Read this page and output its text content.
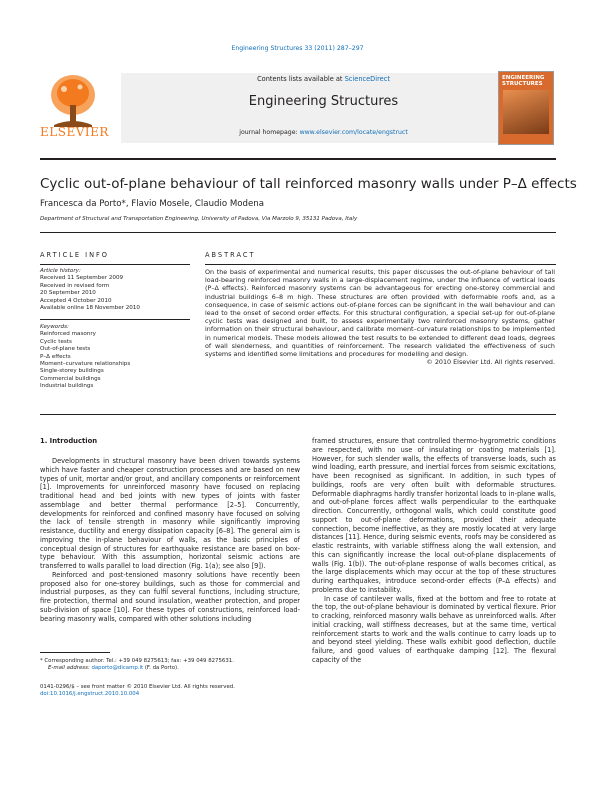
Engineering Structures 33 (2011) 287–297
ELSEVIER
Contents lists available at ScienceDirect
Engineering Structures
journal homepage: www.elsevier.com/locate/engstruct
ENGINEERING
STRUCTURES
Cyclic out-of-plane behaviour of tall reinforced masonry walls under P–Δ effects
Francesca da Porto*, Flavio Mosele, Claudio Modena
Department of Structural and Transportation Engineering, University of Padova, Via Marzolo 9, 35131 Padova, Italy
ARTICLE INFO
Article history:
Received 11 September 2009
Received in revised form
20 September 2010
Accepted 4 October 2010
Available online 18 November 2010
Keywords:
Reinforced masonry
Cyclic tests
Out-of-plane tests
P–Δ effects
Moment–curvature relationships
Single-storey buildings
Commercial buildings
Industrial buildings
ABSTRACT
On the basis of experimental and numerical results, this paper discusses the out-of-plane behaviour of tall load-bearing reinforced masonry walls in a large-displacement regime, under the influence of vertical loads (P–Δ effects). Reinforced masonry systems can be advantageous for erecting one-storey commercial and industrial buildings 6–8 m high. These structures are often provided with deformable roofs and, as a consequence, in case of seismic actions out-of-plane forces can be significant in the wall behaviour and can lead to the onset of second order effects. For this structural configuration, a special set-up for out-of-plane cyclic tests was designed and built, to assess experimentally two reinforced masonry systems, gather information on their structural behaviour, and calibrate moment–curvature relationships to be implemented in numerical models. These models allowed the test results to be extended to different dead loads, degrees of wall slenderness, and quantities of reinforcement. The research validated the effectiveness of such systems and identified some limitations and procedures for modelling and design.
© 2010 Elsevier Ltd. All rights reserved.
1. Introduction

Developments in structural masonry have been driven towards systems which have faster and cheaper construction processes and are based on new types of unit, mortar and/or grout, and ancillary components or reinforcement [1]. Improvements for unreinforced masonry have focused on replacing traditional head and bed joints with new types of joints with faster assemblage and better thermal performance [2–5]. Concurrently, developments for reinforced and confined masonry have focused on solving the lack of tensile strength in masonry while significantly improving resistance, ductility and energy dissipation capacity [6–8]. The general aim is improving the in-plane behaviour of walls, as the basic principles of conceptual design of structures for earthquake resistance are based on box-type behaviour. With this assumption, horizontal seismic actions are transferred to walls parallel to load direction (Fig. 1(a); see also [9]).

Reinforced and post-tensioned masonry solutions have recently been proposed also for one-storey buildings, such as those for commercial and industrial purposes, as they can fulfil several functions, including structure, fire protection, thermal and sound insulation, weather protection, and proper sub-division of space [10]. For these types of constructions, reinforced load-bearing masonry walls, compared with other solutions including

framed structures, ensure that controlled thermo-hygrometric conditions are respected, with no use of insulating or coating materials [1]. However, for such slender walls, the effects of transverse loads, such as wind loading, earth pressure, and inertial forces from seismic excitations, have been recognised as significant. In addition, in such types of buildings, roofs are very often built with deformable structures. Deformable diaphragms hardly transfer horizontal loads to in-plane walls, and out-of-plane forces affect walls perpendicular to the earthquake direction. Concurrently, orthogonal walls, which could constitute good support to out-of-plane deformations, provided their adequate connection, become ineffective, as they are mostly located at very large distances [11]. Hence, during seismic events, roofs may be considered as elastic restraints, with variable stiffness along the wall extension, and this can significantly increase the local out-of-plane displacements of walls (Fig. 1(b)). The out-of-plane response of walls becomes critical, as the large displacements which may occur at the top of these structures during earthquakes, introduce second-order effects (P–Δ effects) and problems due to instability.

In case of cantilever walls, fixed at the bottom and free to rotate at the top, the out-of-plane behaviour is dominated by vertical flexure. Prior to cracking, reinforced masonry walls behave as unreinforced walls. After initial cracking, wall stiffness decreases, but at the same time, vertical reinforcement starts to work and the walls continue to carry loads up to and beyond steel yielding. These walls exhibit good deflection, ductile failure, and good values of earthquake damping [12]. The flexural capacity of the

* Corresponding author. Tel.: +39 049 8275613; fax: +39 049 8275631.
E-mail address: daporto@dicamp.it (F. da Porto).
0141-0296/$ – see front matter © 2010 Elsevier Ltd. All rights reserved.
doi:10.1016/j.engstruct.2010.10.004
